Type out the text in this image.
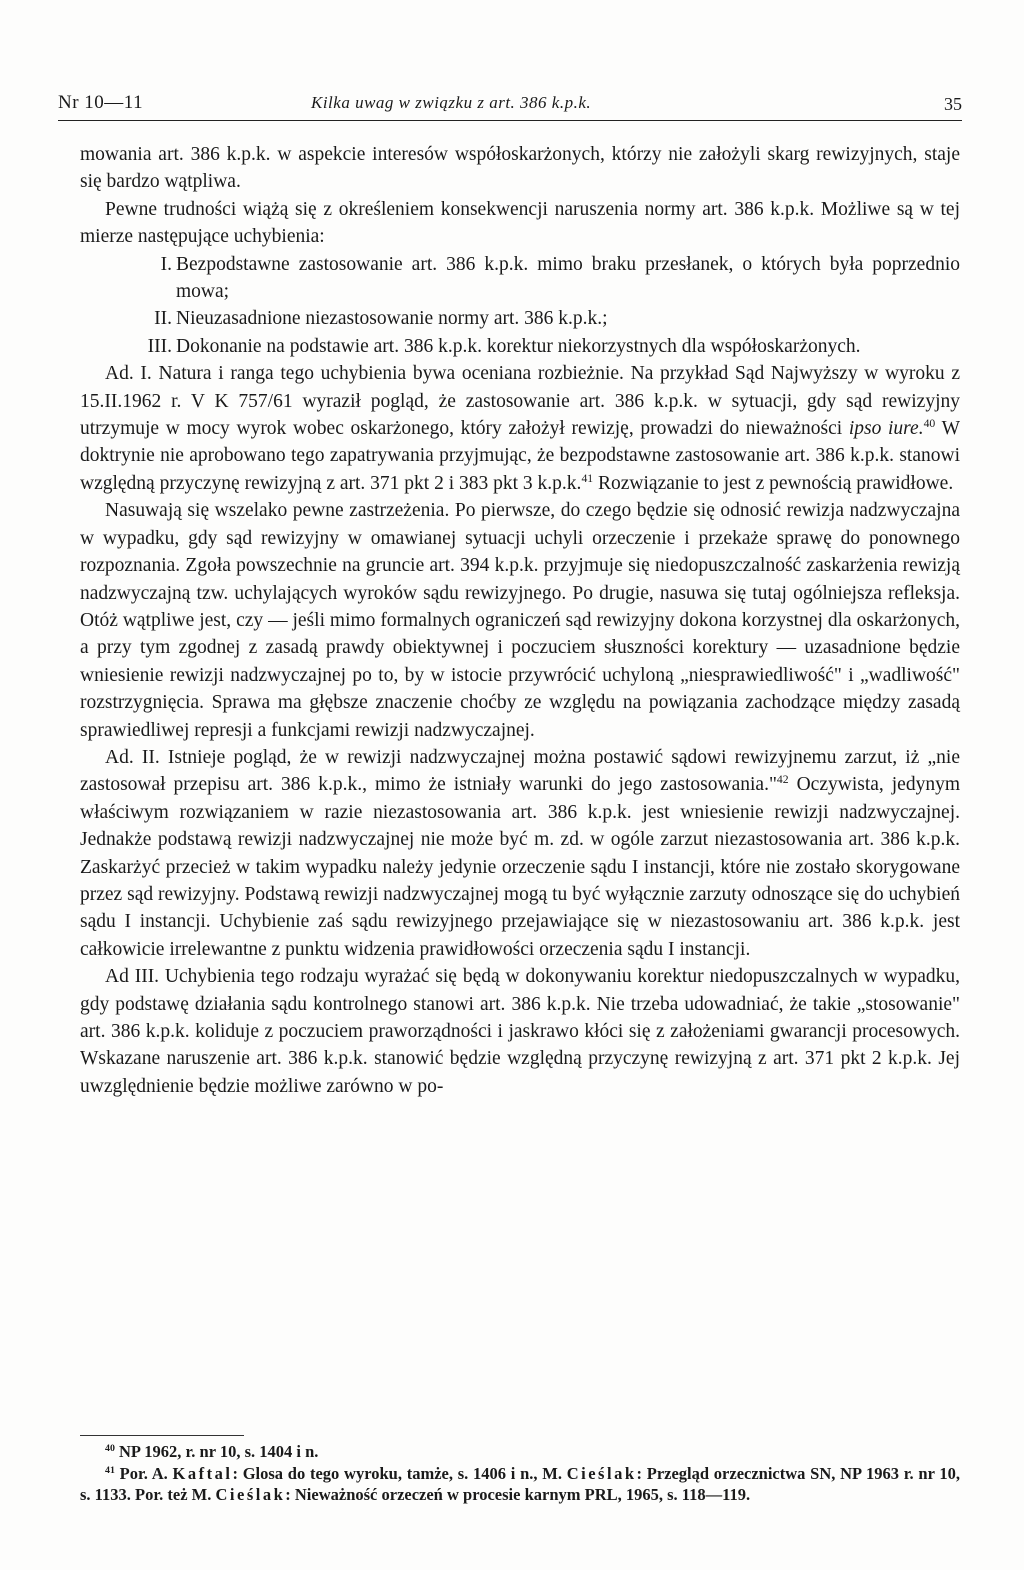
Nr 10—11	Kilka uwag w związku z art. 386 k.p.k.	35

mowania art. 386 k.p.k. w aspekcie interesów współoskarżonych, którzy nie założyli skarg rewizyjnych, staje się bardzo wątpliwa.

Pewne trudności wiążą się z określeniem konsekwencji naruszenia normy art. 386 k.p.k. Możliwe są w tej mierze następujące uchybienia:

I. Bezpodstawne zastosowanie art. 386 k.p.k. mimo braku przesłanek, o których była poprzednio mowa;
II. Nieuzasadnione niezastosowanie normy art. 386 k.p.k.;
III. Dokonanie na podstawie art. 386 k.p.k. korektur niekorzystnych dla współoskarżonych.

Ad. I. Natura i ranga tego uchybienia bywa oceniana rozbieżnie. Na przykład Sąd Najwyższy w wyroku z 15.II.1962 r. V K 757/61 wyraził pogląd, że zastosowanie art. 386 k.p.k. w sytuacji, gdy sąd rewizyjny utrzymuje w mocy wyrok wobec oskarżonego, który założył rewizję, prowadzi do nieważności ipso iure.$^{40}$ W doktrynie nie aprobowano tego zapatrywania przyjmując, że bezpodstawne zastosowanie art. 386 k.p.k. stanowi względną przyczynę rewizyjną z art. 371 pkt 2 i 383 pkt 3 k.p.k.$^{41}$ Rozwiązanie to jest z pewnością prawidłowe.

Nasuwają się wszelako pewne zastrzeżenia. Po pierwsze, do czego będzie się odnosić rewizja nadzwyczajna w wypadku, gdy sąd rewizyjny w omawianej sytuacji uchyli orzeczenie i przekaże sprawę do ponownego rozpoznania. Zgoła powszechnie na gruncie art. 394 k.p.k. przyjmuje się niedopuszczalność zaskarżenia rewizją nadzwyczajną tzw. uchylających wyroków sądu rewizyjnego. Po drugie, nasuwa się tutaj ogólniejsza refleksja. Otóż wątpliwe jest, czy — jeśli mimo formalnych ograniczeń sąd rewizyjny dokona korzystnej dla oskarżonych, a przy tym zgodnej z zasadą prawdy obiektywnej i poczuciem słuszności korektury — uzasadnione będzie wniesienie rewizji nadzwyczajnej po to, by w istocie przywrócić uchyloną „niesprawiedliwość" i „wadliwość" rozstrzygnięcia. Sprawa ma głębsze znaczenie choćby ze względu na powiązania zachodzące między zasadą sprawiedliwej represji a funkcjami rewizji nadzwyczajnej.

Ad. II. Istnieje pogląd, że w rewizji nadzwyczajnej można postawić sądowi rewizyjnemu zarzut, iż „nie zastosował przepisu art. 386 k.p.k., mimo że istniały warunki do jego zastosowania."$^{42}$ Oczywista, jedynym właściwym rozwiązaniem w razie niezastosowania art. 386 k.p.k. jest wniesienie rewizji nadzwyczajnej. Jednakże podstawą rewizji nadzwyczajnej nie może być m. zd. w ogóle zarzut niezastosowania art. 386 k.p.k. Zaskarżyć przecież w takim wypadku należy jedynie orzeczenie sądu I instancji, które nie zostało skorygowane przez sąd rewizyjny. Podstawą rewizji nadzwyczajnej mogą tu być wyłącznie zarzuty odnoszące się do uchybień sądu I instancji. Uchybienie zaś sądu rewizyjnego przejawiające się w niezastosowaniu art. 386 k.p.k. jest całkowicie irrelewantne z punktu widzenia prawidłowości orzeczenia sądu I instancji.

Ad III. Uchybienia tego rodzaju wyrażać się będą w dokonywaniu korektur niedopuszczalnych w wypadku, gdy podstawę działania sądu kontrolnego stanowi art. 386 k.p.k. Nie trzeba udowadniać, że takie „stosowanie" art. 386 k.p.k. koliduje z poczuciem praworządności i jaskrawo kłóci się z założeniami gwarancji procesowych. Wskazane naruszenie art. 386 k.p.k. stanowić będzie względną przyczynę rewizyjną z art. 371 pkt 2 k.p.k. Jej uwzględnienie będzie możliwe zarówno w po-

$^{40}$ NP 1962, r. nr 10, s. 1404 i n.

$^{41}$ Por. A. Kaftal: Glosa do tego wyroku, tamże, s. 1406 i n., M. Cieślak: Przegląd orzecznictwa SN, NP 1963 r. nr 10, s. 1133. Por. też M. Cieślak: Nieważność orzeczeń w procesie karnym PRL, 1965, s. 118—119.
